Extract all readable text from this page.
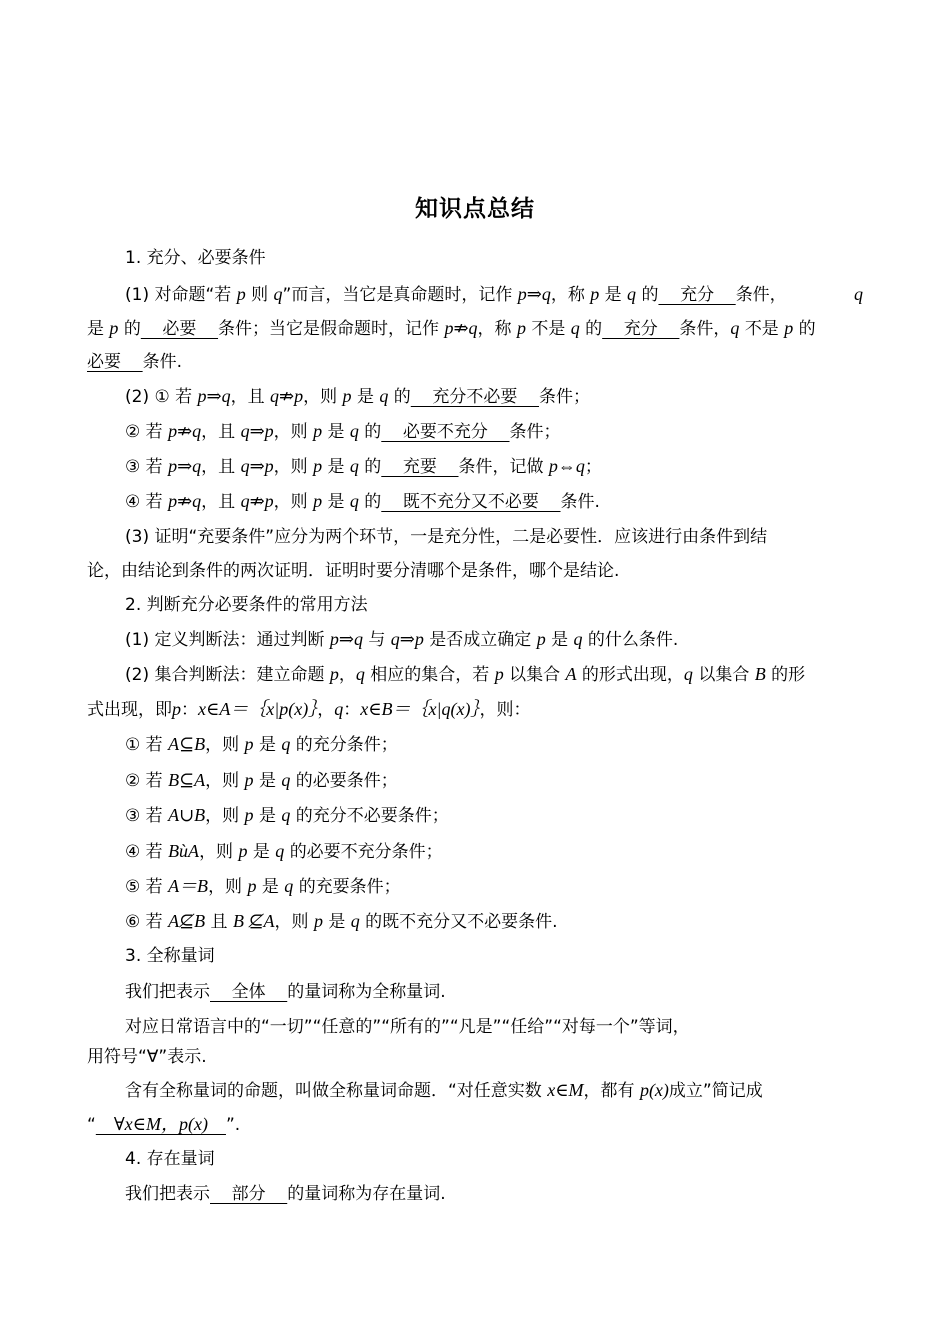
知识点总结
1. 充分、必要条件
(1) 对命题“若 p 则 q”而言，当它是真命题时，记作 p⇒q，称 p 是 q 的    充分    条件，	q
是 p 的    必要    条件；当它是假命题时，记作 p⇏q，称 p 不是 q 的    充分    条件，q 不是 p 的
必要    条件.
(2) ① 若 p⇒q，且 q⇏p，则 p 是 q 的    充分不必要    条件；
② 若 p⇏q，且 q⇒p，则 p 是 q 的    必要不充分    条件；
③ 若 p⇒q，且 q⇒p，则 p 是 q 的    充要    条件，记做 p⇔q；
④ 若 p⇏q，且 q⇏p，则 p 是 q 的    既不充分又不必要    条件.
(3) 证明“充要条件”应分为两个环节，一是充分性，二是必要性．应该进行由条件到结
论，由结论到条件的两次证明．证明时要分清哪个是条件，哪个是结论.
2. 判断充分必要条件的常用方法
(1) 定义判断法：通过判断 p⇒q 与 q⇒p 是否成立确定 p 是 q 的什么条件.
(2) 集合判断法：建立命题 p，q 相应的集合，若 p 以集合 A 的形式出现，q 以集合 B 的形
式出现，即p：x∈A＝｛x|p(x)｝，q：x∈B＝｛x|q(x)｝，则：
① 若 A⊆B，则 p 是 q 的充分条件；
② 若 B⊆A，则 p 是 q 的必要条件；
③ 若 A∪B，则 p 是 q 的充分不必要条件；
④ 若 BùA，则 p 是 q 的必要不充分条件；
⑤ 若 A＝B，则 p 是 q 的充要条件；
⑥ 若 A⊈B 且 B ⊈A，则 p 是 q 的既不充分又不必要条件.
3. 全称量词
我们把表示    全体    的量词称为全称量词.
对应日常语言中的“一切”“任意的”“所有的”“凡是”“任给”“对每一个”等词，
用符号“∀”表示.
含有全称量词的命题，叫做全称量词命题．“对任意实数 x∈M，都有 p(x)成立”简记成
“    ∀x∈M，p(x)    ”.
4. 存在量词
我们把表示    部分    的量词称为存在量词.
